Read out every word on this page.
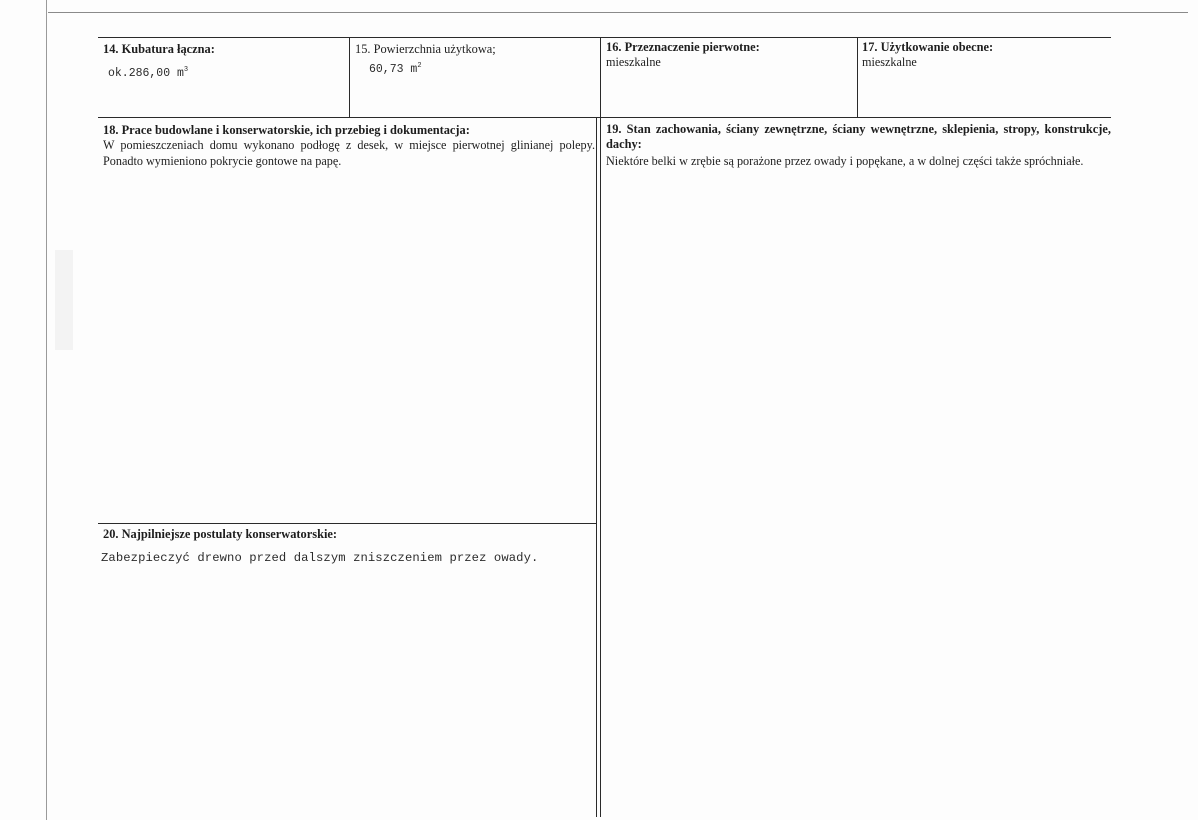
14. Kubatura łączna:
ok.286,00 $m^3$
15. Powierzchnia użytkowa;
60,73 $m^2$
16. Przeznaczenie pierwotne:
mieszkalne
17. Użytkowanie obecne:
mieszkalne
18. Prace budowlane i konserwatorskie, ich przebieg i dokumentacja:
W pomieszczeniach domu wykonano podłogę z desek, w miejsce pierwotnej glinianej polepy. Ponadto wymieniono pokrycie gontowe na papę.
19. Stan zachowania, ściany zewnętrzne, ściany wewnętrzne, sklepienia, stropy, konstrukcje, dachy:
Niektóre belki w zrębie są porażone przez owady i popękane, a w dolnej części także spróchniałe.
20. Najpilniejsze postulaty konserwatorskie:
Zabezpieczyć drewno przed dalszym zniszczeniem przez owady.
